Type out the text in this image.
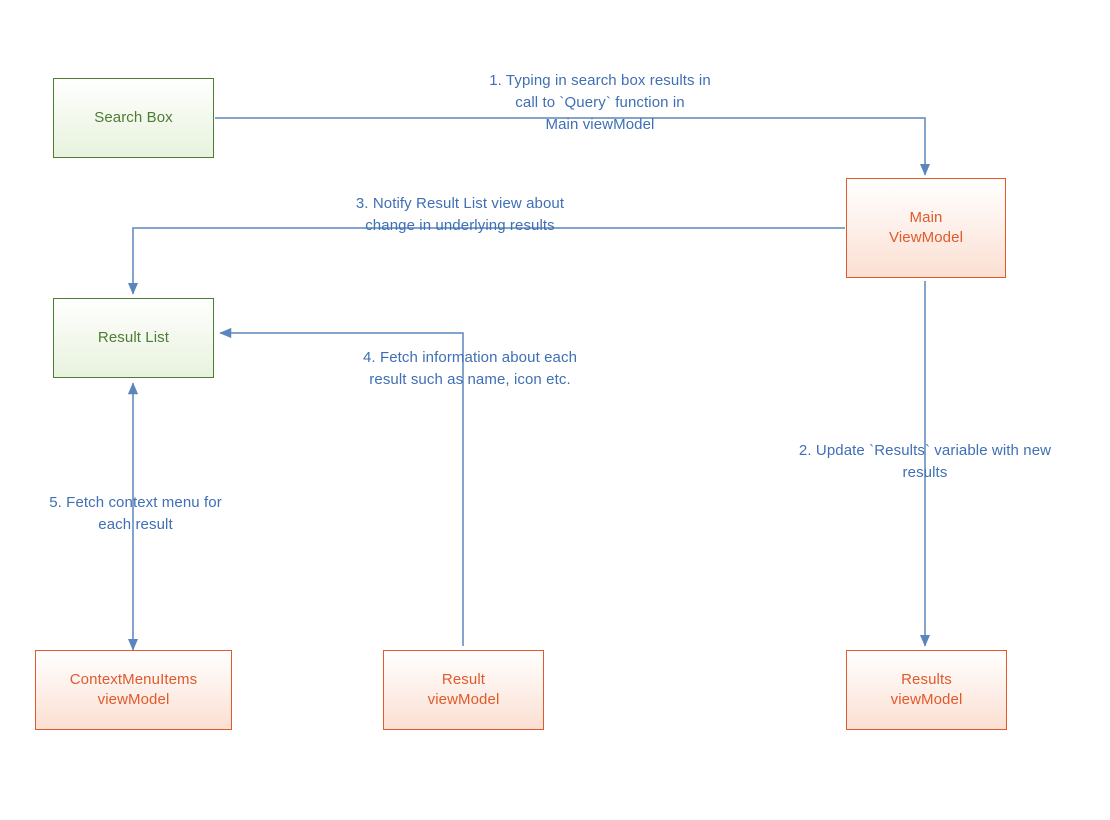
Search Box
Main
ViewModel
Result List
ContextMenuItems
viewModel
Result
viewModel
Results
viewModel
1. Typing in search box results in
call to `Query` function in
Main viewModel
2. Update `Results` variable with new
results
3. Notify Result List view about
change in underlying results
4. Fetch information about each
result such as name, icon etc.
5. Fetch context menu for
each result
